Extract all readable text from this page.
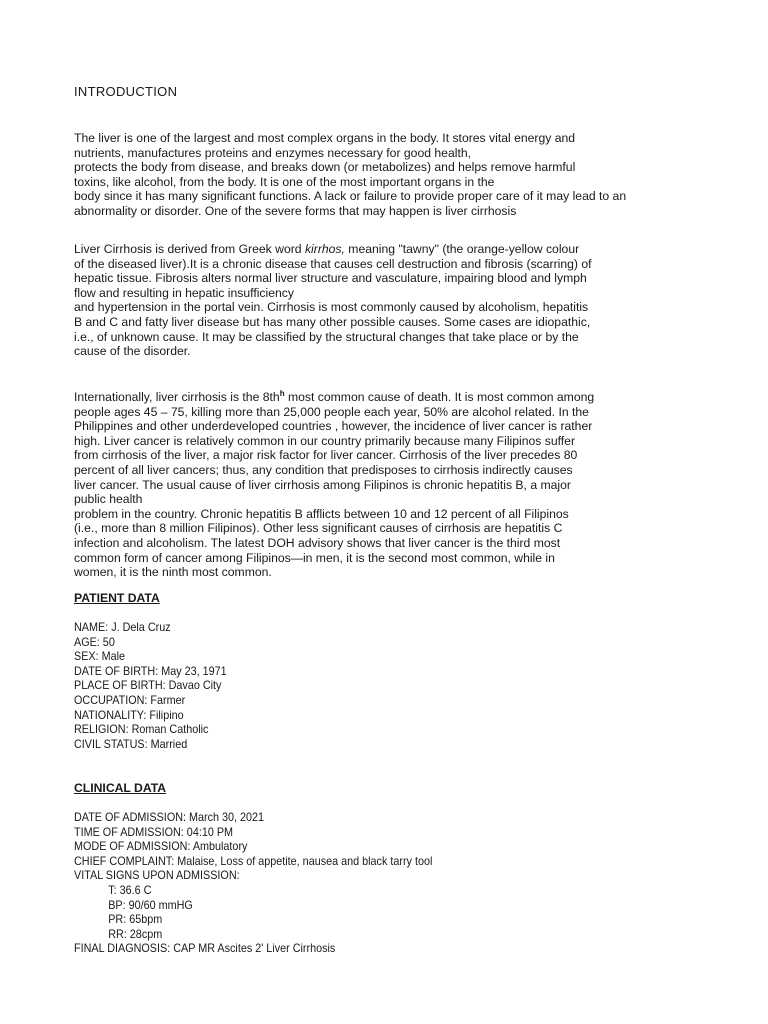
INTRODUCTION
The liver is one of the largest and most complex organs in the body. It stores vital energy and
nutrients, manufactures proteins and enzymes necessary for good health,
protects the body from disease, and breaks down (or metabolizes) and helps remove harmful
toxins, like alcohol, from the body. It is one of the most important organs in the
body since it has many significant functions. A lack or failure to provide proper care of it may lead to an
abnormality or disorder. One of the severe forms that may happen is liver cirrhosis
Liver Cirrhosis is derived from Greek word kirrhos, meaning "tawny" (the orange-yellow colour
of the diseased liver).It is a chronic disease that causes cell destruction and fibrosis (scarring) of
hepatic tissue. Fibrosis alters normal liver structure and vasculature, impairing blood and lymph
flow and resulting in hepatic insufficiency
and hypertension in the portal vein. Cirrhosis is most commonly caused by alcoholism, hepatitis
B and C and fatty liver disease but has many other possible causes. Some cases are idiopathic,
i.e., of unknown cause. It may be classified by the structural changes that take place or by the
cause of the disorder.
Internationally, liver cirrhosis is the $8th^h$ most common cause of death. It is most common among
people ages 45 – 75, killing more than 25,000 people each year, 50% are alcohol related. In the
Philippines and other underdeveloped countries , however, the incidence of liver cancer is rather
high. Liver cancer is relatively common in our country primarily because many Filipinos suffer
from cirrhosis of the liver, a major risk factor for liver cancer. Cirrhosis of the liver precedes 80
percent of all liver cancers; thus, any condition that predisposes to cirrhosis indirectly causes
liver cancer. The usual cause of liver cirrhosis among Filipinos is chronic hepatitis B, a major
public health
problem in the country. Chronic hepatitis B afflicts between 10 and 12 percent of all Filipinos
(i.e., more than 8 million Filipinos). Other less significant causes of cirrhosis are hepatitis C
infection and alcoholism. The latest DOH advisory shows that liver cancer is the third most
common form of cancer among Filipinos—in men, it is the second most common, while in
women, it is the ninth most common.
PATIENT DATA
NAME: J. Dela Cruz
AGE: 50
SEX: Male
DATE OF BIRTH: May 23, 1971
PLACE OF BIRTH: Davao City
OCCUPATION: Farmer
NATIONALITY: Filipino
RELIGION: Roman Catholic
CIVIL STATUS: Married
CLINICAL DATA
DATE OF ADMISSION: March 30, 2021
TIME OF ADMISSION: 04:10 PM
MODE OF ADMISSION: Ambulatory
CHIEF COMPLAINT: Malaise, Loss of appetite, nausea and black tarry tool
VITAL SIGNS UPON ADMISSION:
T: 36.6 C
BP: 90/60 mmHG
PR: 65bpm
RR: 28cpm
FINAL DIAGNOSIS: CAP MR Ascites 2' Liver Cirrhosis
